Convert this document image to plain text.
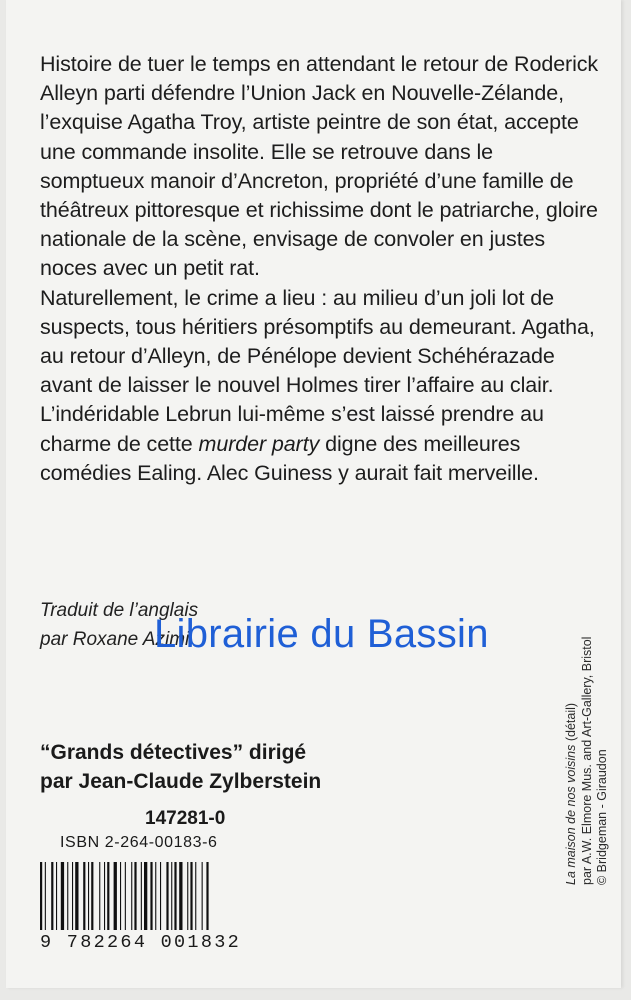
Histoire de tuer le temps en attendant le retour de Roderick Alleyn parti défendre l’Union Jack en Nouvelle-Zélande, l’exquise Agatha Troy, artiste peintre de son état, accepte une commande insolite. Elle se retrouve dans le somptueux manoir d’Ancreton, propriété d’une famille de théâtreux pittoresque et richissime dont le patriarche, gloire nationale de la scène, envisage de convoler en justes noces avec un petit rat.

Naturellement, le crime a lieu : au milieu d’un joli lot de suspects, tous héritiers présomptifs au demeurant. Agatha, au retour d’Alleyn, de Pénélope devient Schéhérazade avant de laisser le nouvel Holmes tirer l’affaire au clair. L’indéridable Lebrun lui-même s’est laissé prendre au charme de cette murder party digne des meilleures comédies Ealing. Alec Guiness y aurait fait merveille.

Traduit de l’anglais
par Roxane Azimi
Librairie du Bassin
“Grands détectives” dirigé
par Jean-Claude Zylberstein
147281-0
ISBN 2-264-00183-6
9 782264 001832
La maison de nos voisins (détail) par A.W. Elmore Mus. and Art-Gallery, Bristol © Bridgeman - Giraudon
